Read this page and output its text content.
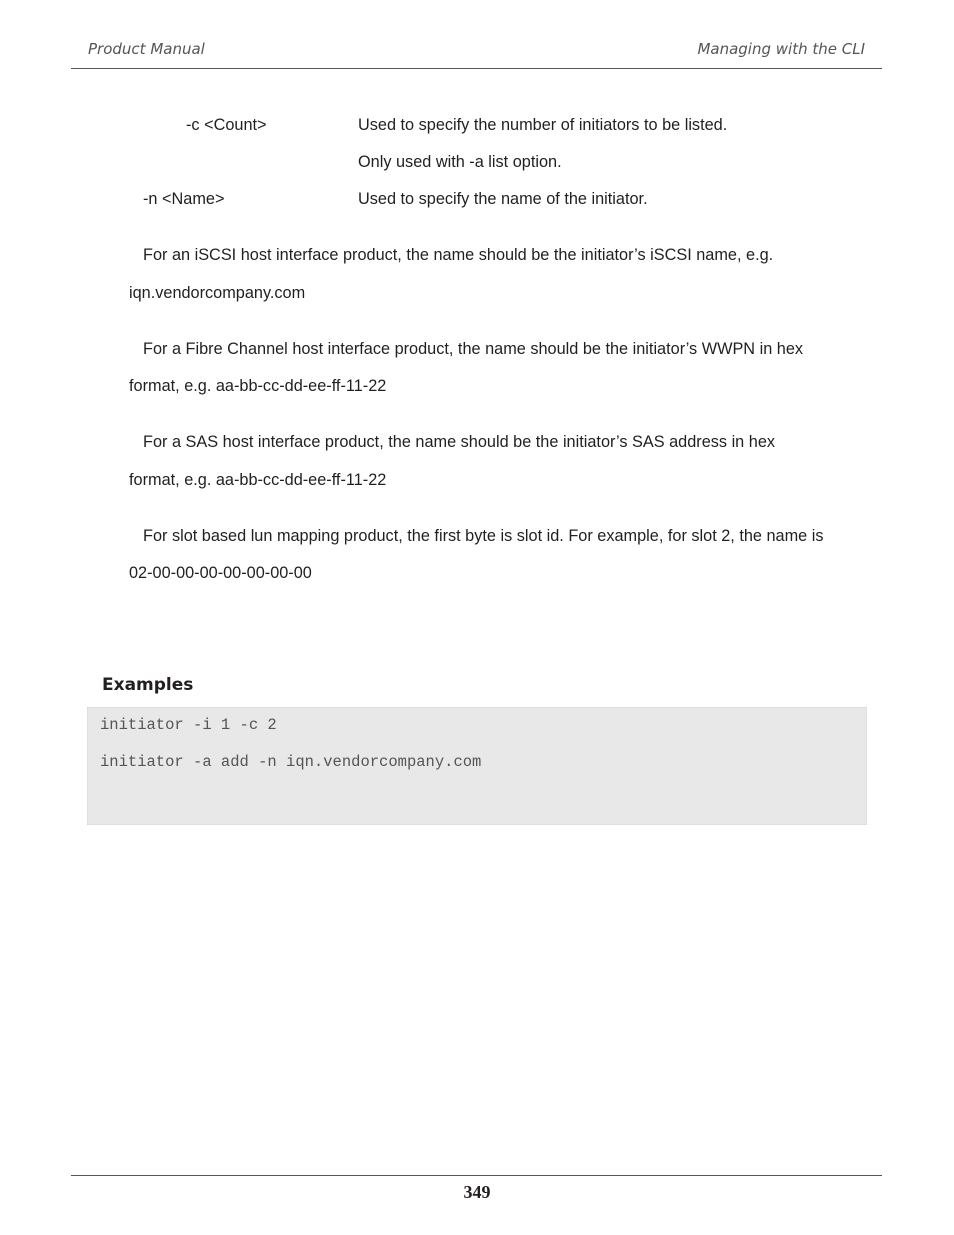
Product Manual	Managing with the CLI
-c <Count>	Used to specify the number of initiators to be listed.
Only used with -a list option.
-n <Name>	Used to specify the name of the initiator.
For an iSCSI host interface product, the name should be the initiator’s iSCSI name, e.g.
iqn.vendorcompany.com
For a Fibre Channel host interface product, the name should be the initiator’s WWPN in hex
format, e.g. aa-bb-cc-dd-ee-ff-11-22
For a SAS host interface product, the name should be the initiator’s SAS address in hex
format, e.g. aa-bb-cc-dd-ee-ff-11-22
For slot based lun mapping product, the first byte is slot id. For example, for slot 2, the name is
02-00-00-00-00-00-00-00
Examples
initiator -i 1 -c 2
initiator -a add -n iqn.vendorcompany.com
349
